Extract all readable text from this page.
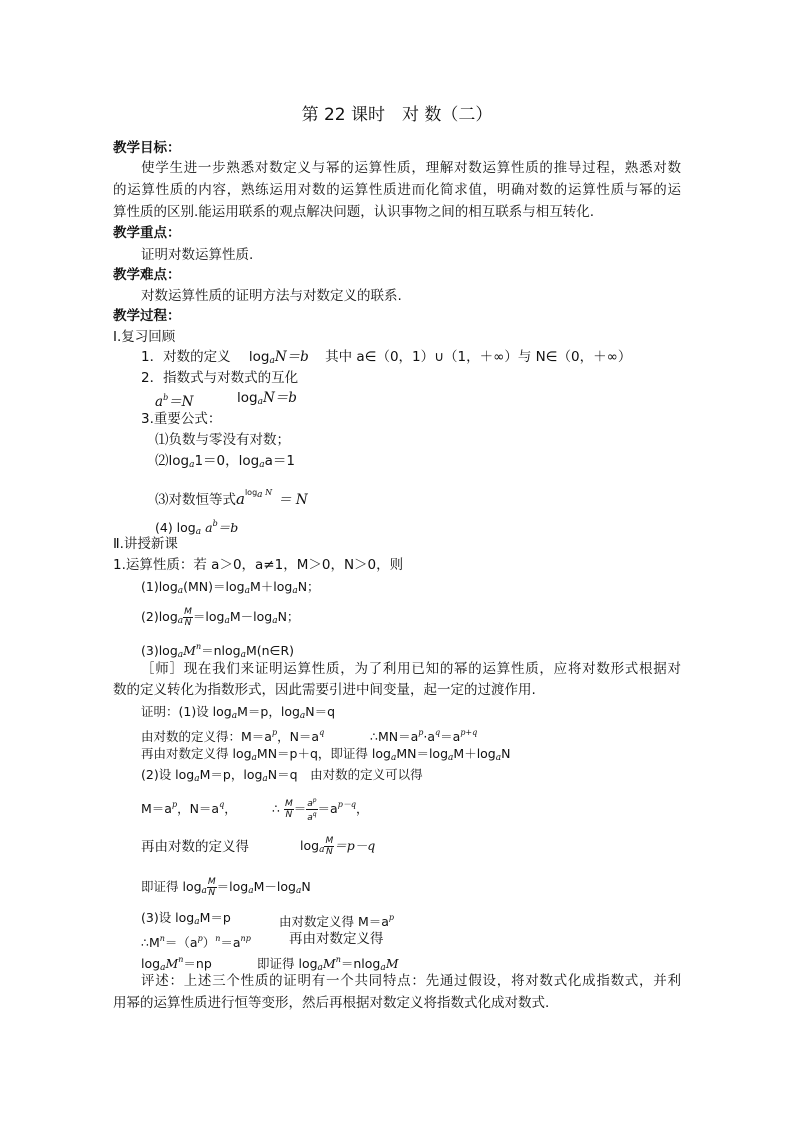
第 22 课时　对 数（二）
教学目标：
使学生进一步熟悉对数定义与幂的运算性质，理解对数运算性质的推导过程，熟悉对数
的运算性质的内容，熟练运用对数的运算性质进而化简求值，明确对数的运算性质与幂的运
算性质的区别.能运用联系的观点解决问题，认识事物之间的相互联系与相互转化.
教学重点：
证明对数运算性质.
教学难点：
对数运算性质的证明方法与对数定义的联系.
教学过程：
Ⅰ.复习回顾
1．对数的定义 $\log_aN=b$ 其中 a∈（0，1）∪（1，＋∞）与 N∈（0，＋∞）
2．指数式与对数式的互化
$a^b=N$	$\log_aN=b$
3.重要公式：
⑴负数与零没有对数；
$⑵\log_a1=0$，$\log_aa=1$
⑶对数恒等式$a^{log_a N} = N$
(4) $\log_a a^b=b$
Ⅱ.讲授新课
1.运算性质：若 a＞0，a≠1，M＞0，N＞0，则
$(1)\log_a(MN)=\log_aM+\log_aN$；
$(2)\log_a \frac{M}{N} =\log_aM-\log_aN$；
$(3)\log_aM^n=nlog_aM(n\in R)$
［师］现在我们来证明运算性质，为了利用已知的幂的运算性质，应将对数形式根据对
数的定义转化为指数形式，因此需要引进中间变量，起一定的过渡作用.
证明：(1)设 $\log_aM=p$，$\log_aN=q$
由对数的定义得：$M=a^p$，$N=a^q$	$\therefore MN=a^p\cdot a^q=a^{p+q}$
再由对数定义得 $\log_aMN=p+q$，即证得 $\log_aMN=\log_aM+\log_aN$
(2)设 $\log_aM=p$，$\log_aN=q$　由对数的定义可以得
$M=a^p$，$N=a^q$，	∴ $\frac{M}{N} = \frac{a^p}{a^q} =a^{p-q}$，
再由对数的定义得	$\log_a \frac{M}{N} =p-q$
即证得 $\log_a \frac{M}{N} =\log_aM-\log_aN$
(3)设 $\log_aM=p$	由对数定义得 $M=a^p$
$\therefore M^n=(a^p)^n=a^{np}$	再由对数定义得
$\log_aM^n=np$	即证得 $\log_aM^n=nlog_aM$
评述：上述三个性质的证明有一个共同特点：先通过假设，将对数式化成指数式，并利
用幂的运算性质进行恒等变形，然后再根据对数定义将指数式化成对数式.
